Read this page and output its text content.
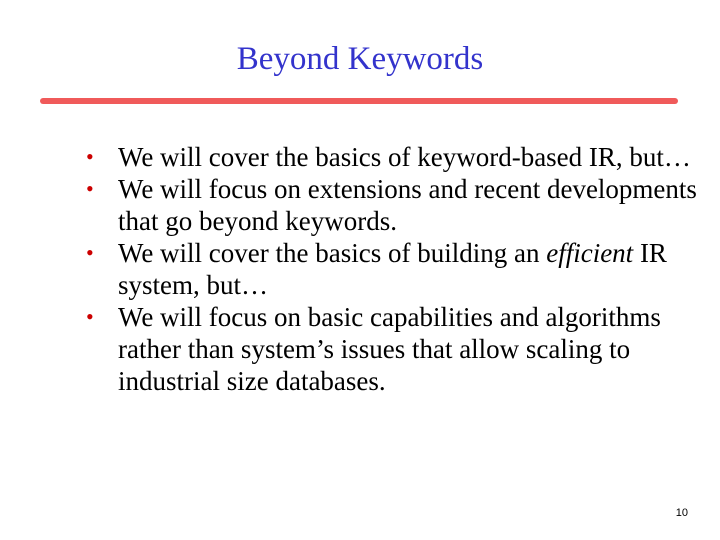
Beyond Keywords
• We will cover the basics of keyword-based IR, but…
• We will focus on extensions and recent developments that go beyond keywords.
• We will cover the basics of building an efficient IR system, but…
• We will focus on basic capabilities and algorithms rather than system’s issues that allow scaling to industrial size databases.
10
